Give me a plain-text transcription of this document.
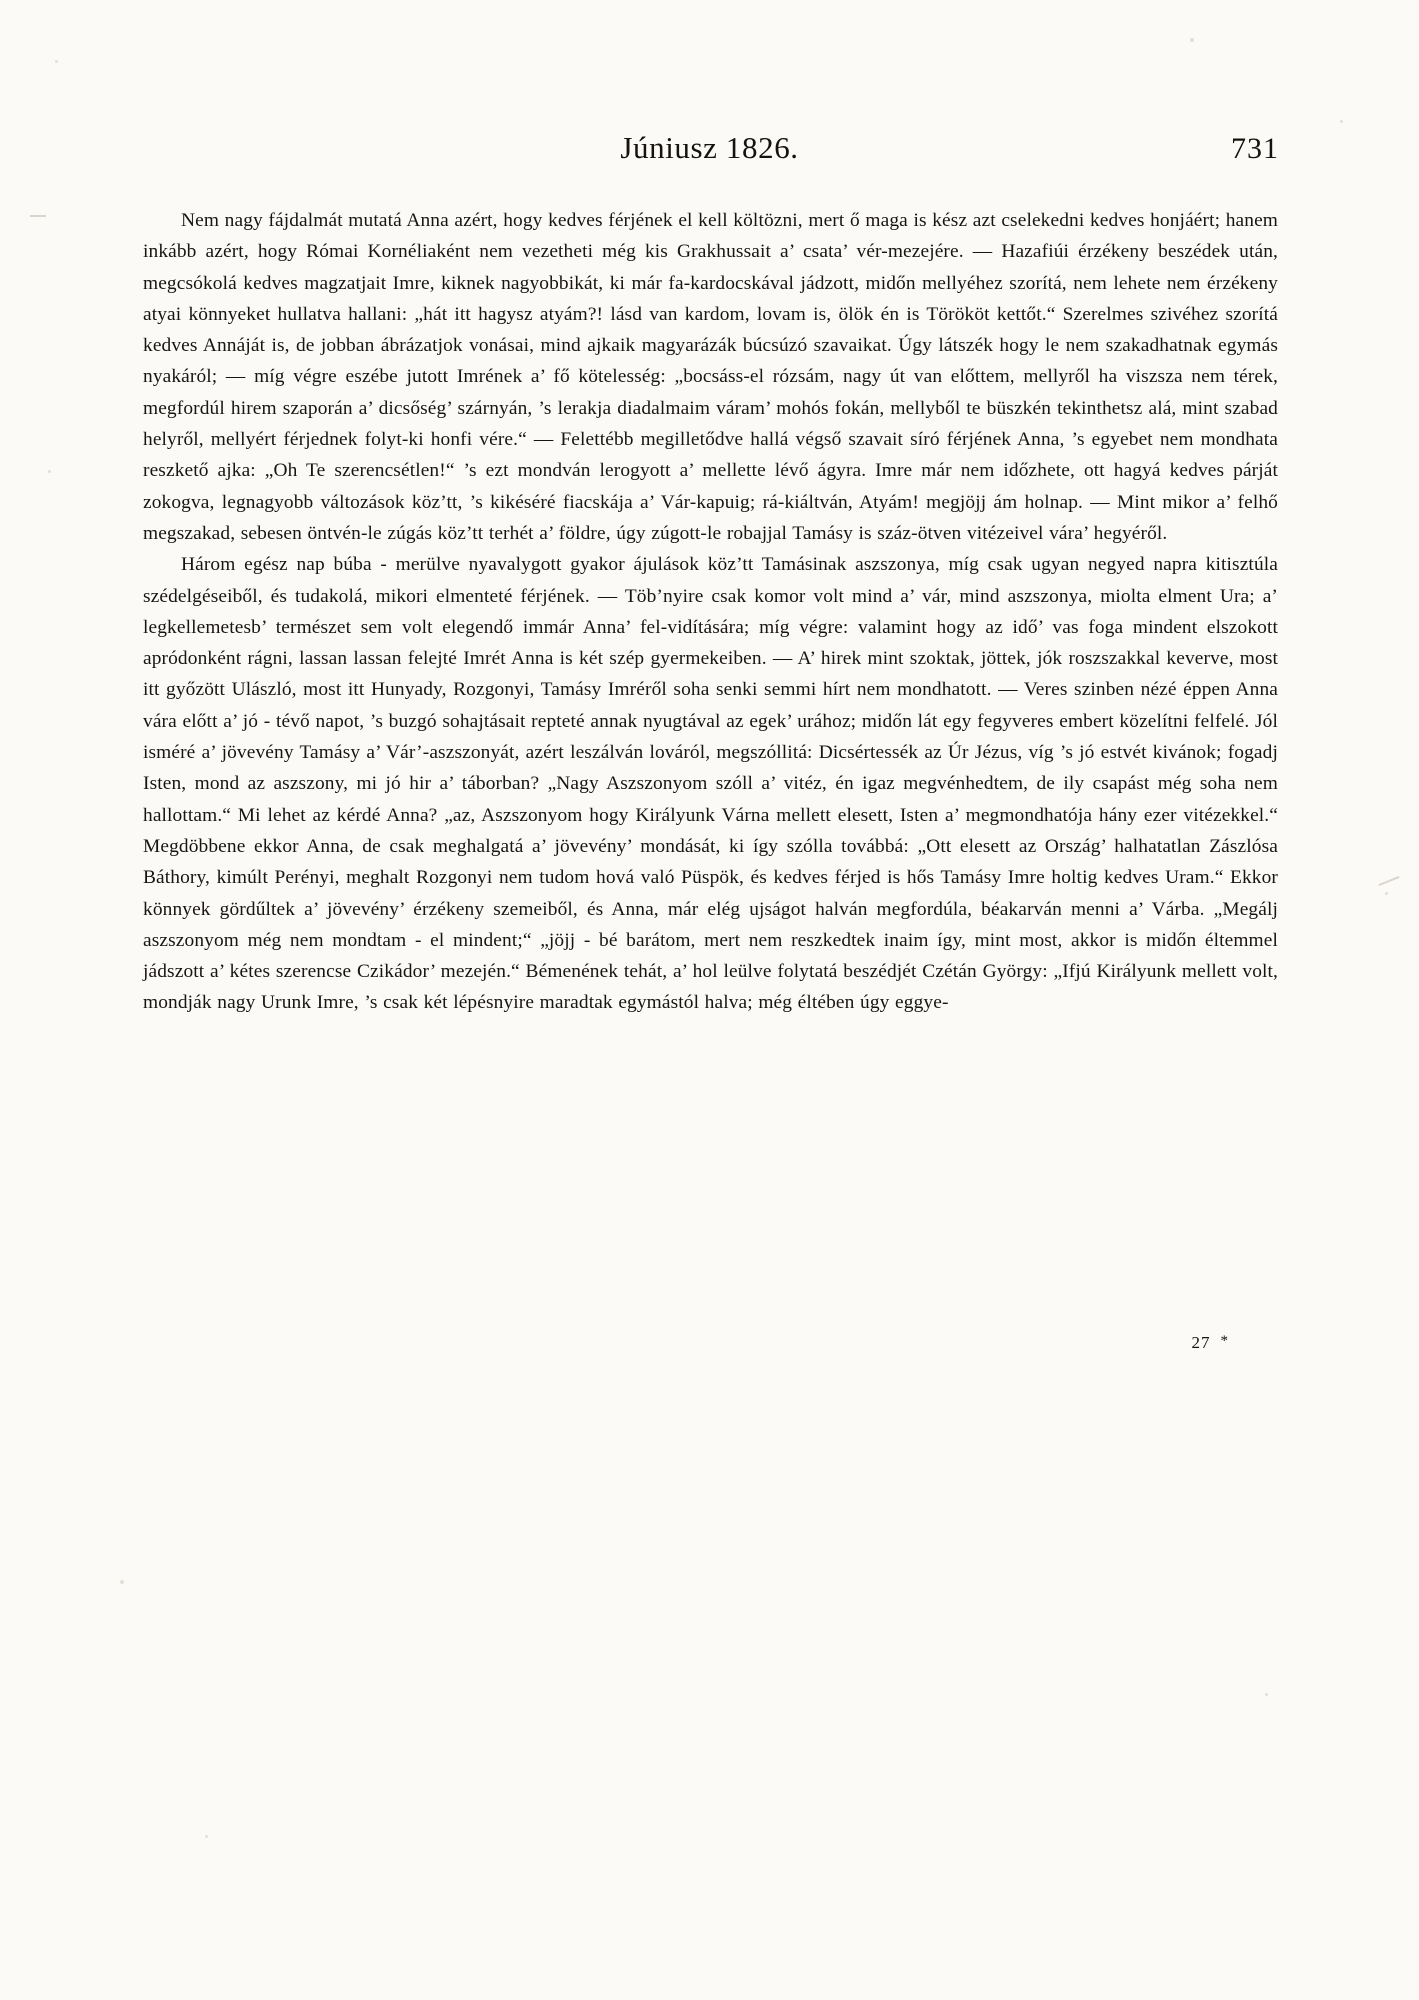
Júniusz 1826.	731

Nem nagy fájdalmát mutatá Anna azért, hogy kedves férjének el kell költözni, mert ő maga is kész azt cselekedni kedves honjáért; hanem inkább azért, hogy Római Kornéliaként nem vezetheti még kis Grakhussait a’ csata’ vér-mezejére. — Hazafiúi érzékeny beszédek után, megcsókolá kedves magzatjait Imre, kiknek nagyobbikát, ki már fa-kardocskával jádzott, midőn mellyéhez szorítá, nem lehete nem érzékeny atyai könnyeket hullatva hallani: „hát itt hagysz atyám?! lásd van kardom, lovam is, ölök én is Törököt kettőt.“ Szerelmes szivéhez szorítá kedves Annáját is, de jobban ábrázatjok vonásai, mind ajkaik magyarázák búcsúzó szavaikat. Úgy látszék hogy le nem szakadhatnak egymás nyakáról; — míg végre eszébe jutott Imrének a’ fő kötelesség: „bocsáss-el rózsám, nagy út van előttem, mellyről ha viszsza nem térek, megfordúl hirem szaporán a’ dicsőség’ szárnyán, ’s lerakja diadalmaim váram’ mohós fokán, mellyből te büszkén tekinthetsz alá, mint szabad helyről, mellyért férjednek folyt-ki honfi vére.“ — Felettébb megilletődve hallá végső szavait síró férjének Anna, ’s egyebet nem mondhata reszkető ajka: „Oh Te szerencsétlen!“ ’s ezt mondván lerogyott a’ mellette lévő ágyra. Imre már nem időzhete, ott hagyá kedves párját zokogva, legnagyobb változások köz’tt, ’s kikéséré fiacskája a’ Vár-kapuig; rá-kiáltván, Atyám! megjöjj ám holnap. — Mint mikor a’ felhő megszakad, sebesen öntvén-le zúgás köz’tt terhét a’ földre, úgy zúgott-le robajjal Tamásy is száz-ötven vitézeivel vára’ hegyéről.

Három egész nap búba - merülve nyavalygott gyakor ájulások köz’tt Tamásinak aszszonya, míg csak ugyan negyed napra kitisztúla szédelgéseiből, és tudakolá, mikori elmenteté férjének. — Töb’nyire csak komor volt mind a’ vár, mind aszszonya, miolta elment Ura; a’ legkellemetesb’ természet sem volt elegendő immár Anna’ fel-vidítására; míg végre: valamint hogy az idő’ vas foga mindent elszokott apródonként rágni, lassan lassan felejté Imrét Anna is két szép gyermekeiben. — A’ hirek mint szoktak, jöttek, jók roszszakkal keverve, most itt győzött Ulászló, most itt Hunyady, Rozgonyi, Tamásy Imréről soha senki semmi hírt nem mondhatott. — Veres szinben nézé éppen Anna vára előtt a’ jó - tévő napot, ’s buzgó sohajtásait repteté annak nyugtával az egek’ urához; midőn lát egy fegyveres embert közelítni felfelé. Jól isméré a’ jövevény Tamásy a’ Vár’-aszszonyát, azért leszálván lováról, megszóllitá: Dicsértessék az Úr Jézus, víg ’s jó estvét kivánok; fogadj Isten, mond az aszszony, mi jó hir a’ táborban? „Nagy Aszszonyom szóll a’ vitéz, én igaz megvénhedtem, de ily csapást még soha nem hallottam.“ Mi lehet az kérdé Anna? „az, Aszszonyom hogy Királyunk Várna mellett elesett, Isten a’ megmondhatója hány ezer vitézekkel.“ Megdöbbene ekkor Anna, de csak meghalgatá a’ jövevény’ mondását, ki így szólla továbbá: „Ott elesett az Ország’ halhatatlan Zászlósa Báthory, kimúlt Perényi, meghalt Rozgonyi nem tudom hová való Püspök, és kedves férjed is hős Tamásy Imre holtig kedves Uram.“ Ekkor könnyek gördűltek a’ jövevény’ érzékeny szemeiből, és Anna, már elég ujságot halván megfordúla, béakarván menni a’ Várba. „Megálj aszszonyom még nem mondtam - el mindent;“ „jöjj - bé barátom, mert nem reszkedtek inaim így, mint most, akkor is midőn éltemmel jádszott a’ kétes szerencse Czikádor’ mezején.“ Bémenének tehát, a’ hol leülve folytatá beszédjét Czétán György: „Ifjú Királyunk mellett volt, mondják nagy Urunk Imre, ’s csak két lépésnyire maradtak egymástól halva; még éltében úgy eggye-

27 *
